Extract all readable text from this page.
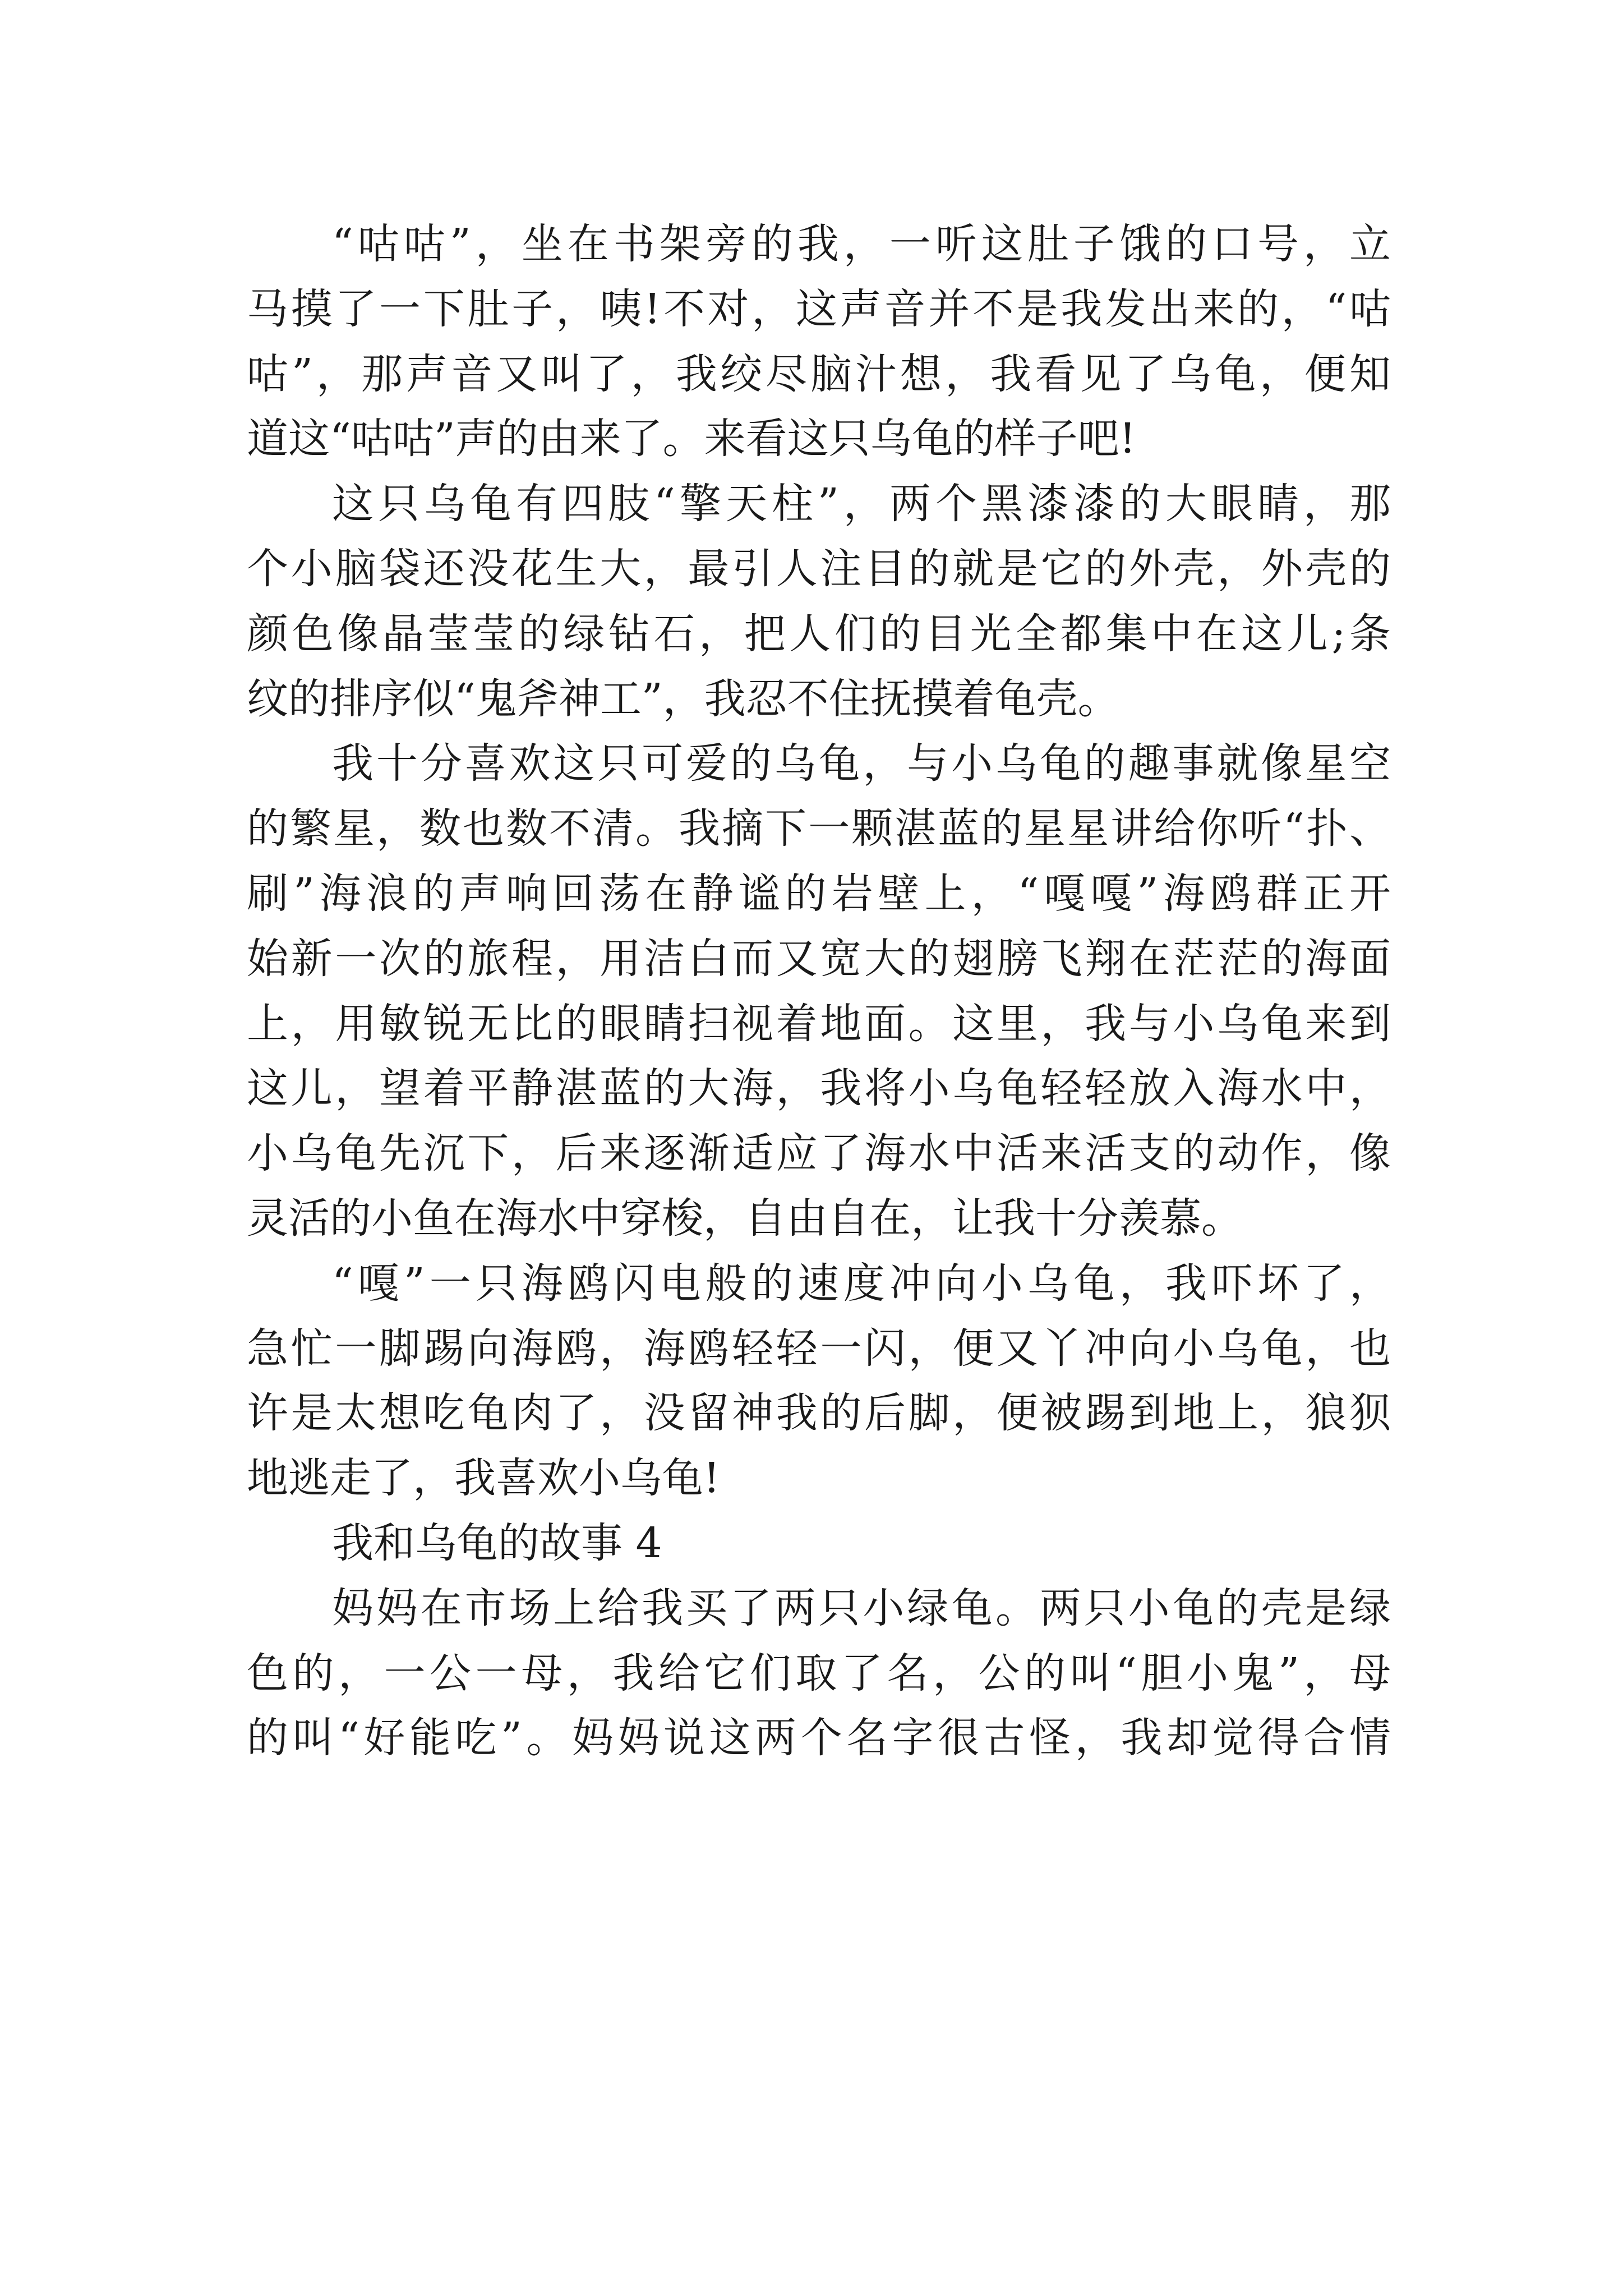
“咕咕”，坐在书架旁的我，一听这肚子饿的口号，立

马摸了一下肚子，咦!不对，这声音并不是我发出来的，“咕

咕”，那声音又叫了，我绞尽脑汁想，我看见了乌龟，便知

道这“咕咕”声的由来了。来看这只乌龟的样子吧!

这只乌龟有四肢“擎天柱”，两个黑漆漆的大眼睛，那

个小脑袋还没花生大，最引人注目的就是它的外壳，外壳的

颜色像晶莹莹的绿钻石，把人们的目光全都集中在这儿;条

纹的排序似“鬼斧神工”，我忍不住抚摸着龟壳。

我十分喜欢这只可爱的乌龟，与小乌龟的趣事就像星空

的繁星，数也数不清。我摘下一颗湛蓝的星星讲给你听“扑、

刷”海浪的声响回荡在静谧的岩壁上，“嘎嘎”海鸥群正开

始新一次的旅程，用洁白而又宽大的翅膀飞翔在茫茫的海面

上，用敏锐无比的眼睛扫视着地面。这里，我与小乌龟来到

这儿，望着平静湛蓝的大海，我将小乌龟轻轻放入海水中，

小乌龟先沉下，后来逐渐适应了海水中活来活支的动作，像

灵活的小鱼在海水中穿梭，自由自在，让我十分羡慕。

“嘎”一只海鸥闪电般的速度冲向小乌龟，我吓坏了，

急忙一脚踢向海鸥，海鸥轻轻一闪，便又丫冲向小乌龟，也

许是太想吃龟肉了，没留神我的后脚，便被踢到地上，狼狈

地逃走了，我喜欢小乌龟!

我和乌龟的故事 4

妈妈在市场上给我买了两只小绿龟。两只小龟的壳是绿

色的，一公一母，我给它们取了名，公的叫“胆小鬼”，母

的叫“好能吃”。妈妈说这两个名字很古怪，我却觉得合情
